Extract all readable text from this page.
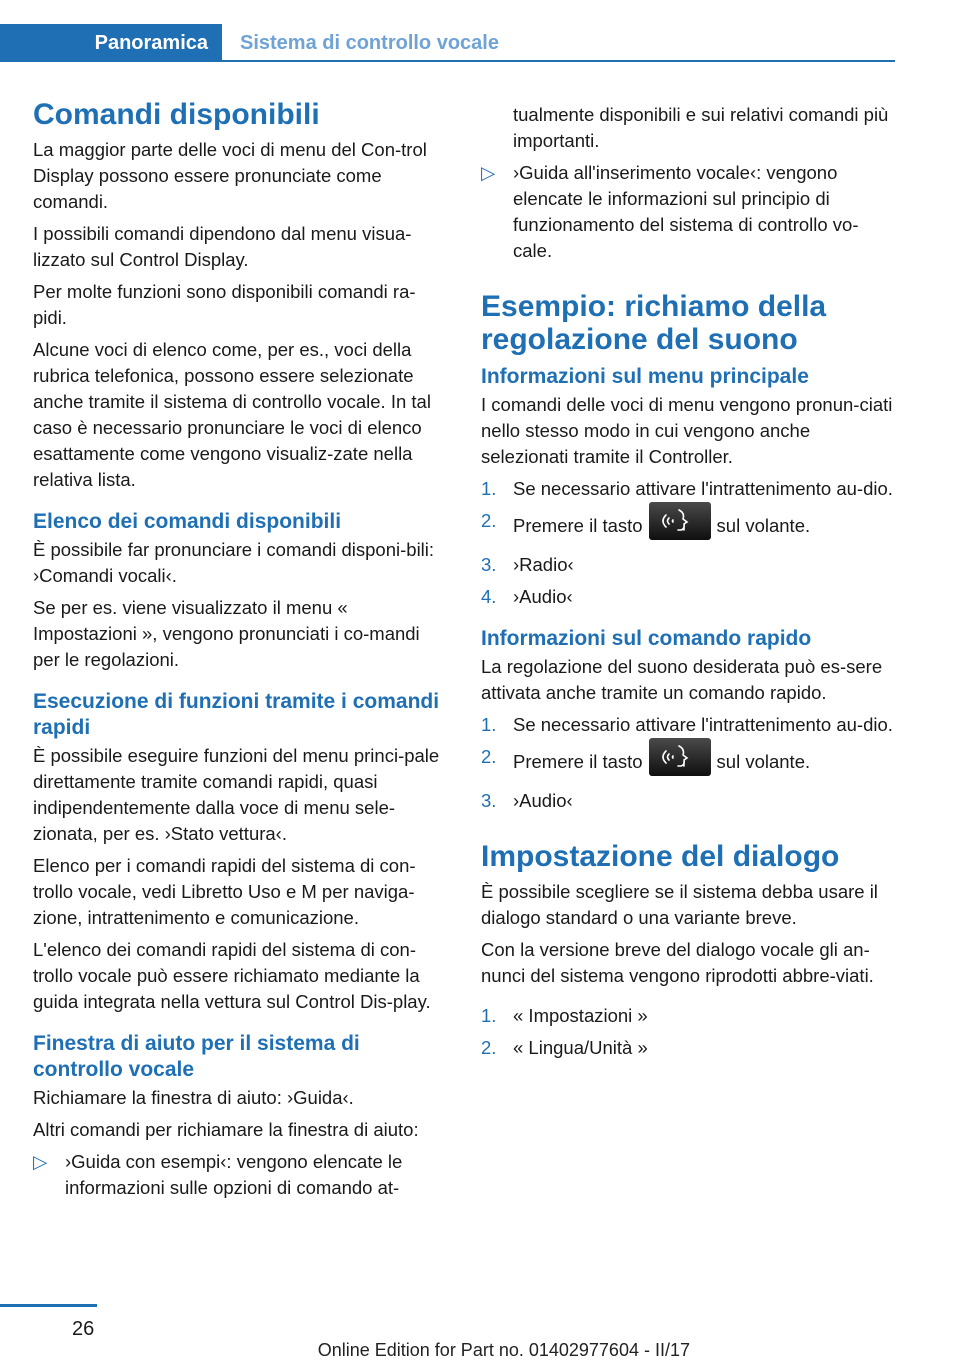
Panoramica	Sistema di controllo vocale
Comandi disponibili

La maggior parte delle voci di menu del Con‐trol Display possono essere pronunciate come comandi.

I possibili comandi dipendono dal menu visua‐lizzato sul Control Display.

Per molte funzioni sono disponibili comandi ra‐pidi.

Alcune voci di elenco come, per es., voci della rubrica telefonica, possono essere selezionate anche tramite il sistema di controllo vocale. In tal caso è necessario pronunciare le voci di elenco esattamente come vengono visualiz‐zate nella relativa lista.

Elenco dei comandi disponibili

È possibile far pronunciare i comandi disponi‐bili: ›Comandi vocali‹.

Se per es. viene visualizzato il menu « Impostazioni », vengono pronunciati i co‐mandi per le regolazioni.

Esecuzione di funzioni tramite i comandi rapidi

È possibile eseguire funzioni del menu princi‐pale direttamente tramite comandi rapidi, quasi indipendentemente dalla voce di menu sele‐zionata, per es. ›Stato vettura‹.

Elenco per i comandi rapidi del sistema di con‐trollo vocale, vedi Libretto Uso e M per naviga‐zione, intrattenimento e comunicazione.

L'elenco dei comandi rapidi del sistema di con‐trollo vocale può essere richiamato mediante la guida integrata nella vettura sul Control Dis‐play.

Finestra di aiuto per il sistema di controllo vocale

Richiamare la finestra di aiuto: ›Guida‹.

Altri comandi per richiamare la finestra di aiuto:

▷ ›Guida con esempi‹: vengono elencate le informazioni sulle opzioni di comando at‐

tualmente disponibili e sui relativi comandi più importanti.

▷ ›Guida all'inserimento vocale‹: vengono elencate le informazioni sul principio di funzionamento del sistema di controllo vo‐cale.
Esempio: richiamo della regolazione del suono
Informazioni sul menu principale

I comandi delle voci di menu vengono pronun‐ciati nello stesso modo in cui vengono anche selezionati tramite il Controller.

1. Se necessario attivare l'intrattenimento au‐dio.
2. Premere il tasto	sul volante.
3. ›Radio‹
4. ›Audio‹
Informazioni sul comando rapido

La regolazione del suono desiderata può es‐sere attivata anche tramite un comando rapido.

1. Se necessario attivare l'intrattenimento au‐dio.
2. Premere il tasto	sul volante.
3. ›Audio‹
Impostazione del dialogo

È possibile scegliere se il sistema debba usare il dialogo standard o una variante breve.

Con la versione breve del dialogo vocale gli an‐nunci del sistema vengono riprodotti abbre‐viati.

1. « Impostazioni »
2. « Lingua/Unità »
26
Online Edition for Part no. 01402977604 - II/17
